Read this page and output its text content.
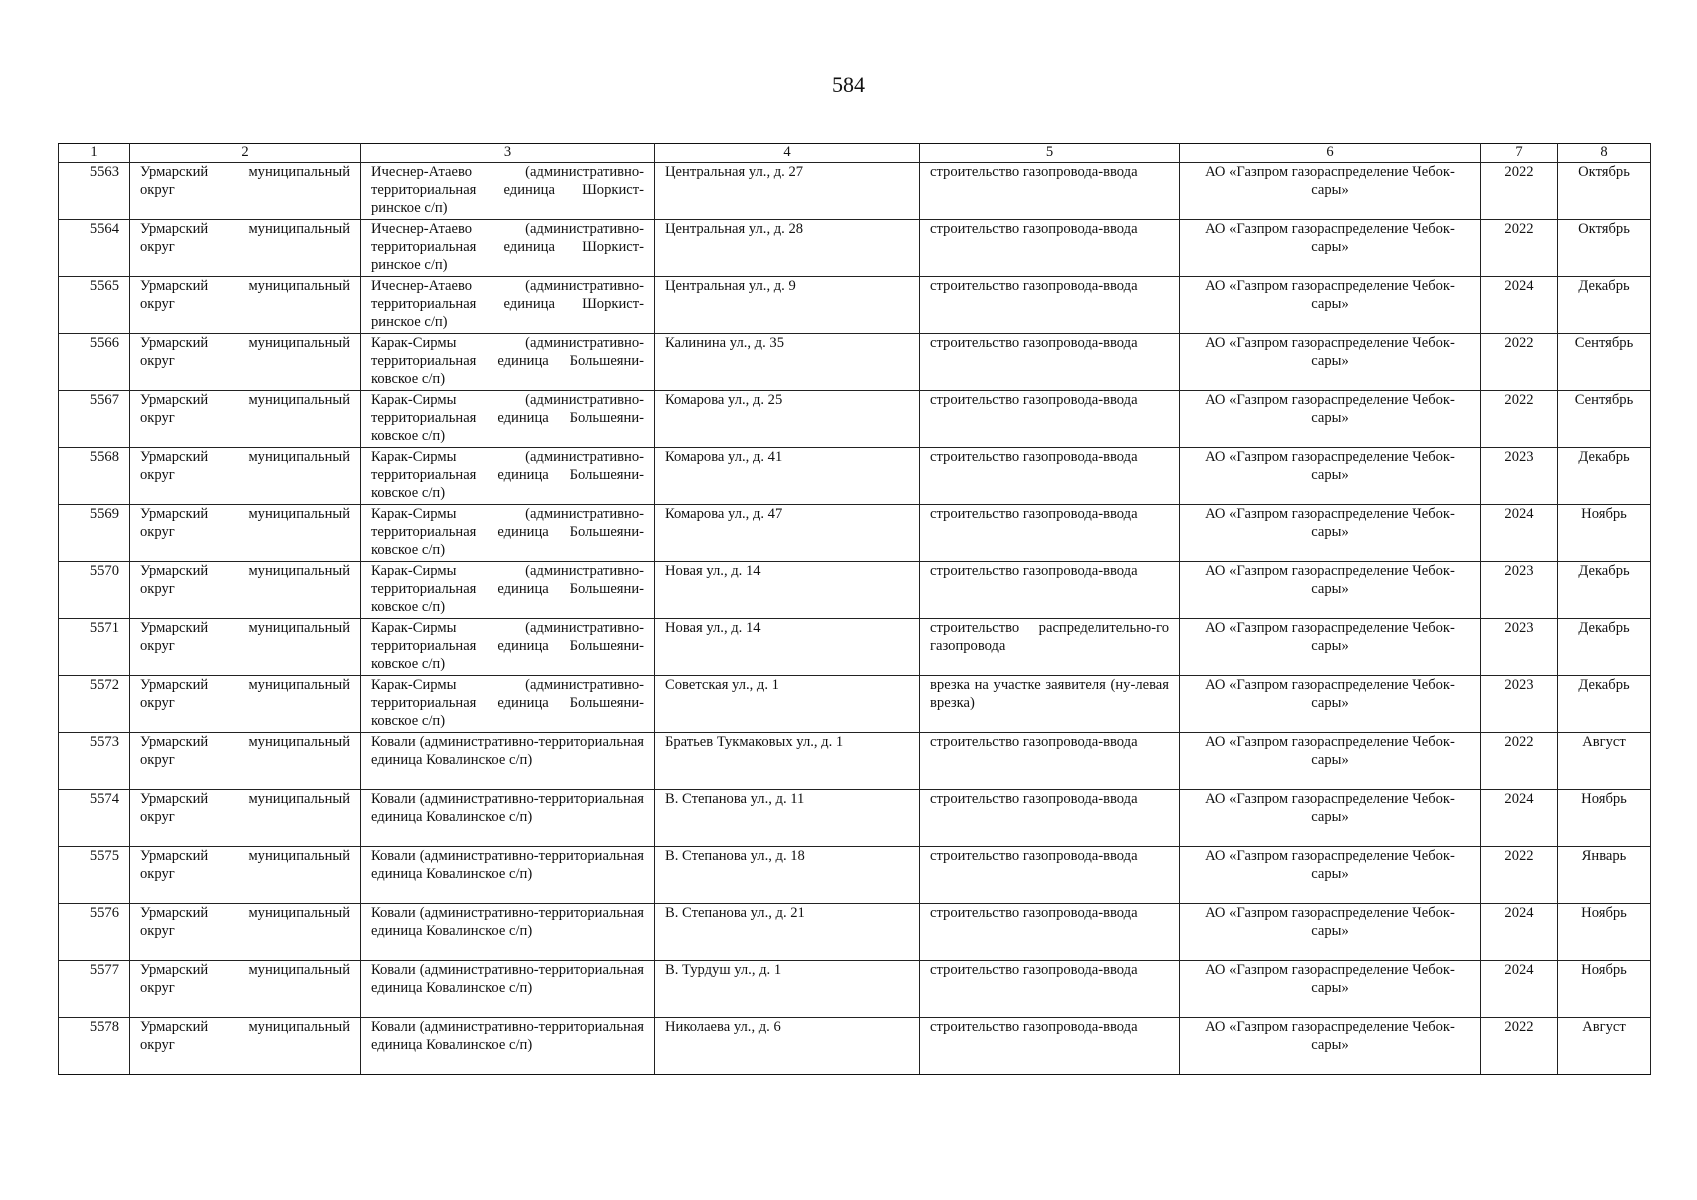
584
1	2	3	4	5	6	7	8
5563	Урмарский муниципальный округ	Ичеснер-Атаево (административно-территориальная единица Шоркист-ринское с/п)	Центральная ул., д. 27	строительство газопровода-ввода	АО «Газпром газораспределение Чебок-сары»	2022	Октябрь
5564	Урмарский муниципальный округ	Ичеснер-Атаево (административно-территориальная единица Шоркист-ринское с/п)	Центральная ул., д. 28	строительство газопровода-ввода	АО «Газпром газораспределение Чебок-сары»	2022	Октябрь
5565	Урмарский муниципальный округ	Ичеснер-Атаево (административно-территориальная единица Шоркист-ринское с/п)	Центральная ул., д. 9	строительство газопровода-ввода	АО «Газпром газораспределение Чебок-сары»	2024	Декабрь
5566	Урмарский муниципальный округ	Карак-Сирмы (административно-территориальная единица Большеяни-ковское с/п)	Калинина ул., д. 35	строительство газопровода-ввода	АО «Газпром газораспределение Чебок-сары»	2022	Сентябрь
5567	Урмарский муниципальный округ	Карак-Сирмы (административно-территориальная единица Большеяни-ковское с/п)	Комарова ул., д. 25	строительство газопровода-ввода	АО «Газпром газораспределение Чебок-сары»	2022	Сентябрь
5568	Урмарский муниципальный округ	Карак-Сирмы (административно-территориальная единица Большеяни-ковское с/п)	Комарова ул., д. 41	строительство газопровода-ввода	АО «Газпром газораспределение Чебок-сары»	2023	Декабрь
5569	Урмарский муниципальный округ	Карак-Сирмы (административно-территориальная единица Большеяни-ковское с/п)	Комарова ул., д. 47	строительство газопровода-ввода	АО «Газпром газораспределение Чебок-сары»	2024	Ноябрь
5570	Урмарский муниципальный округ	Карак-Сирмы (административно-территориальная единица Большеяни-ковское с/п)	Новая ул., д. 14	строительство газопровода-ввода	АО «Газпром газораспределение Чебок-сары»	2023	Декабрь
5571	Урмарский муниципальный округ	Карак-Сирмы (административно-территориальная единица Большеяни-ковское с/п)	Новая ул., д. 14	строительство распределительно-го газопровода	АО «Газпром газораспределение Чебок-сары»	2023	Декабрь
5572	Урмарский муниципальный округ	Карак-Сирмы (административно-территориальная единица Большеяни-ковское с/п)	Советская ул., д. 1	врезка на участке заявителя (ну-левая врезка)	АО «Газпром газораспределение Чебок-сары»	2023	Декабрь
5573	Урмарский муниципальный округ	Ковали (административно-территориальная единица Ковалинское с/п)	Братьев Тукмаковых ул., д. 1	строительство газопровода-ввода	АО «Газпром газораспределение Чебок-сары»	2022	Август
5574	Урмарский муниципальный округ	Ковали (административно-территориальная единица Ковалинское с/п)	В. Степанова ул., д. 11	строительство газопровода-ввода	АО «Газпром газораспределение Чебок-сары»	2024	Ноябрь
5575	Урмарский муниципальный округ	Ковали (административно-территориальная единица Ковалинское с/п)	В. Степанова ул., д. 18	строительство газопровода-ввода	АО «Газпром газораспределение Чебок-сары»	2022	Январь
5576	Урмарский муниципальный округ	Ковали (административно-территориальная единица Ковалинское с/п)	В. Степанова ул., д. 21	строительство газопровода-ввода	АО «Газпром газораспределение Чебок-сары»	2024	Ноябрь
5577	Урмарский муниципальный округ	Ковали (административно-территориальная единица Ковалинское с/п)	В. Турдуш ул., д. 1	строительство газопровода-ввода	АО «Газпром газораспределение Чебок-сары»	2024	Ноябрь
5578	Урмарский муниципальный округ	Ковали (административно-территориальная единица Ковалинское с/п)	Николаева ул., д. 6	строительство газопровода-ввода	АО «Газпром газораспределение Чебок-сары»	2022	Август
